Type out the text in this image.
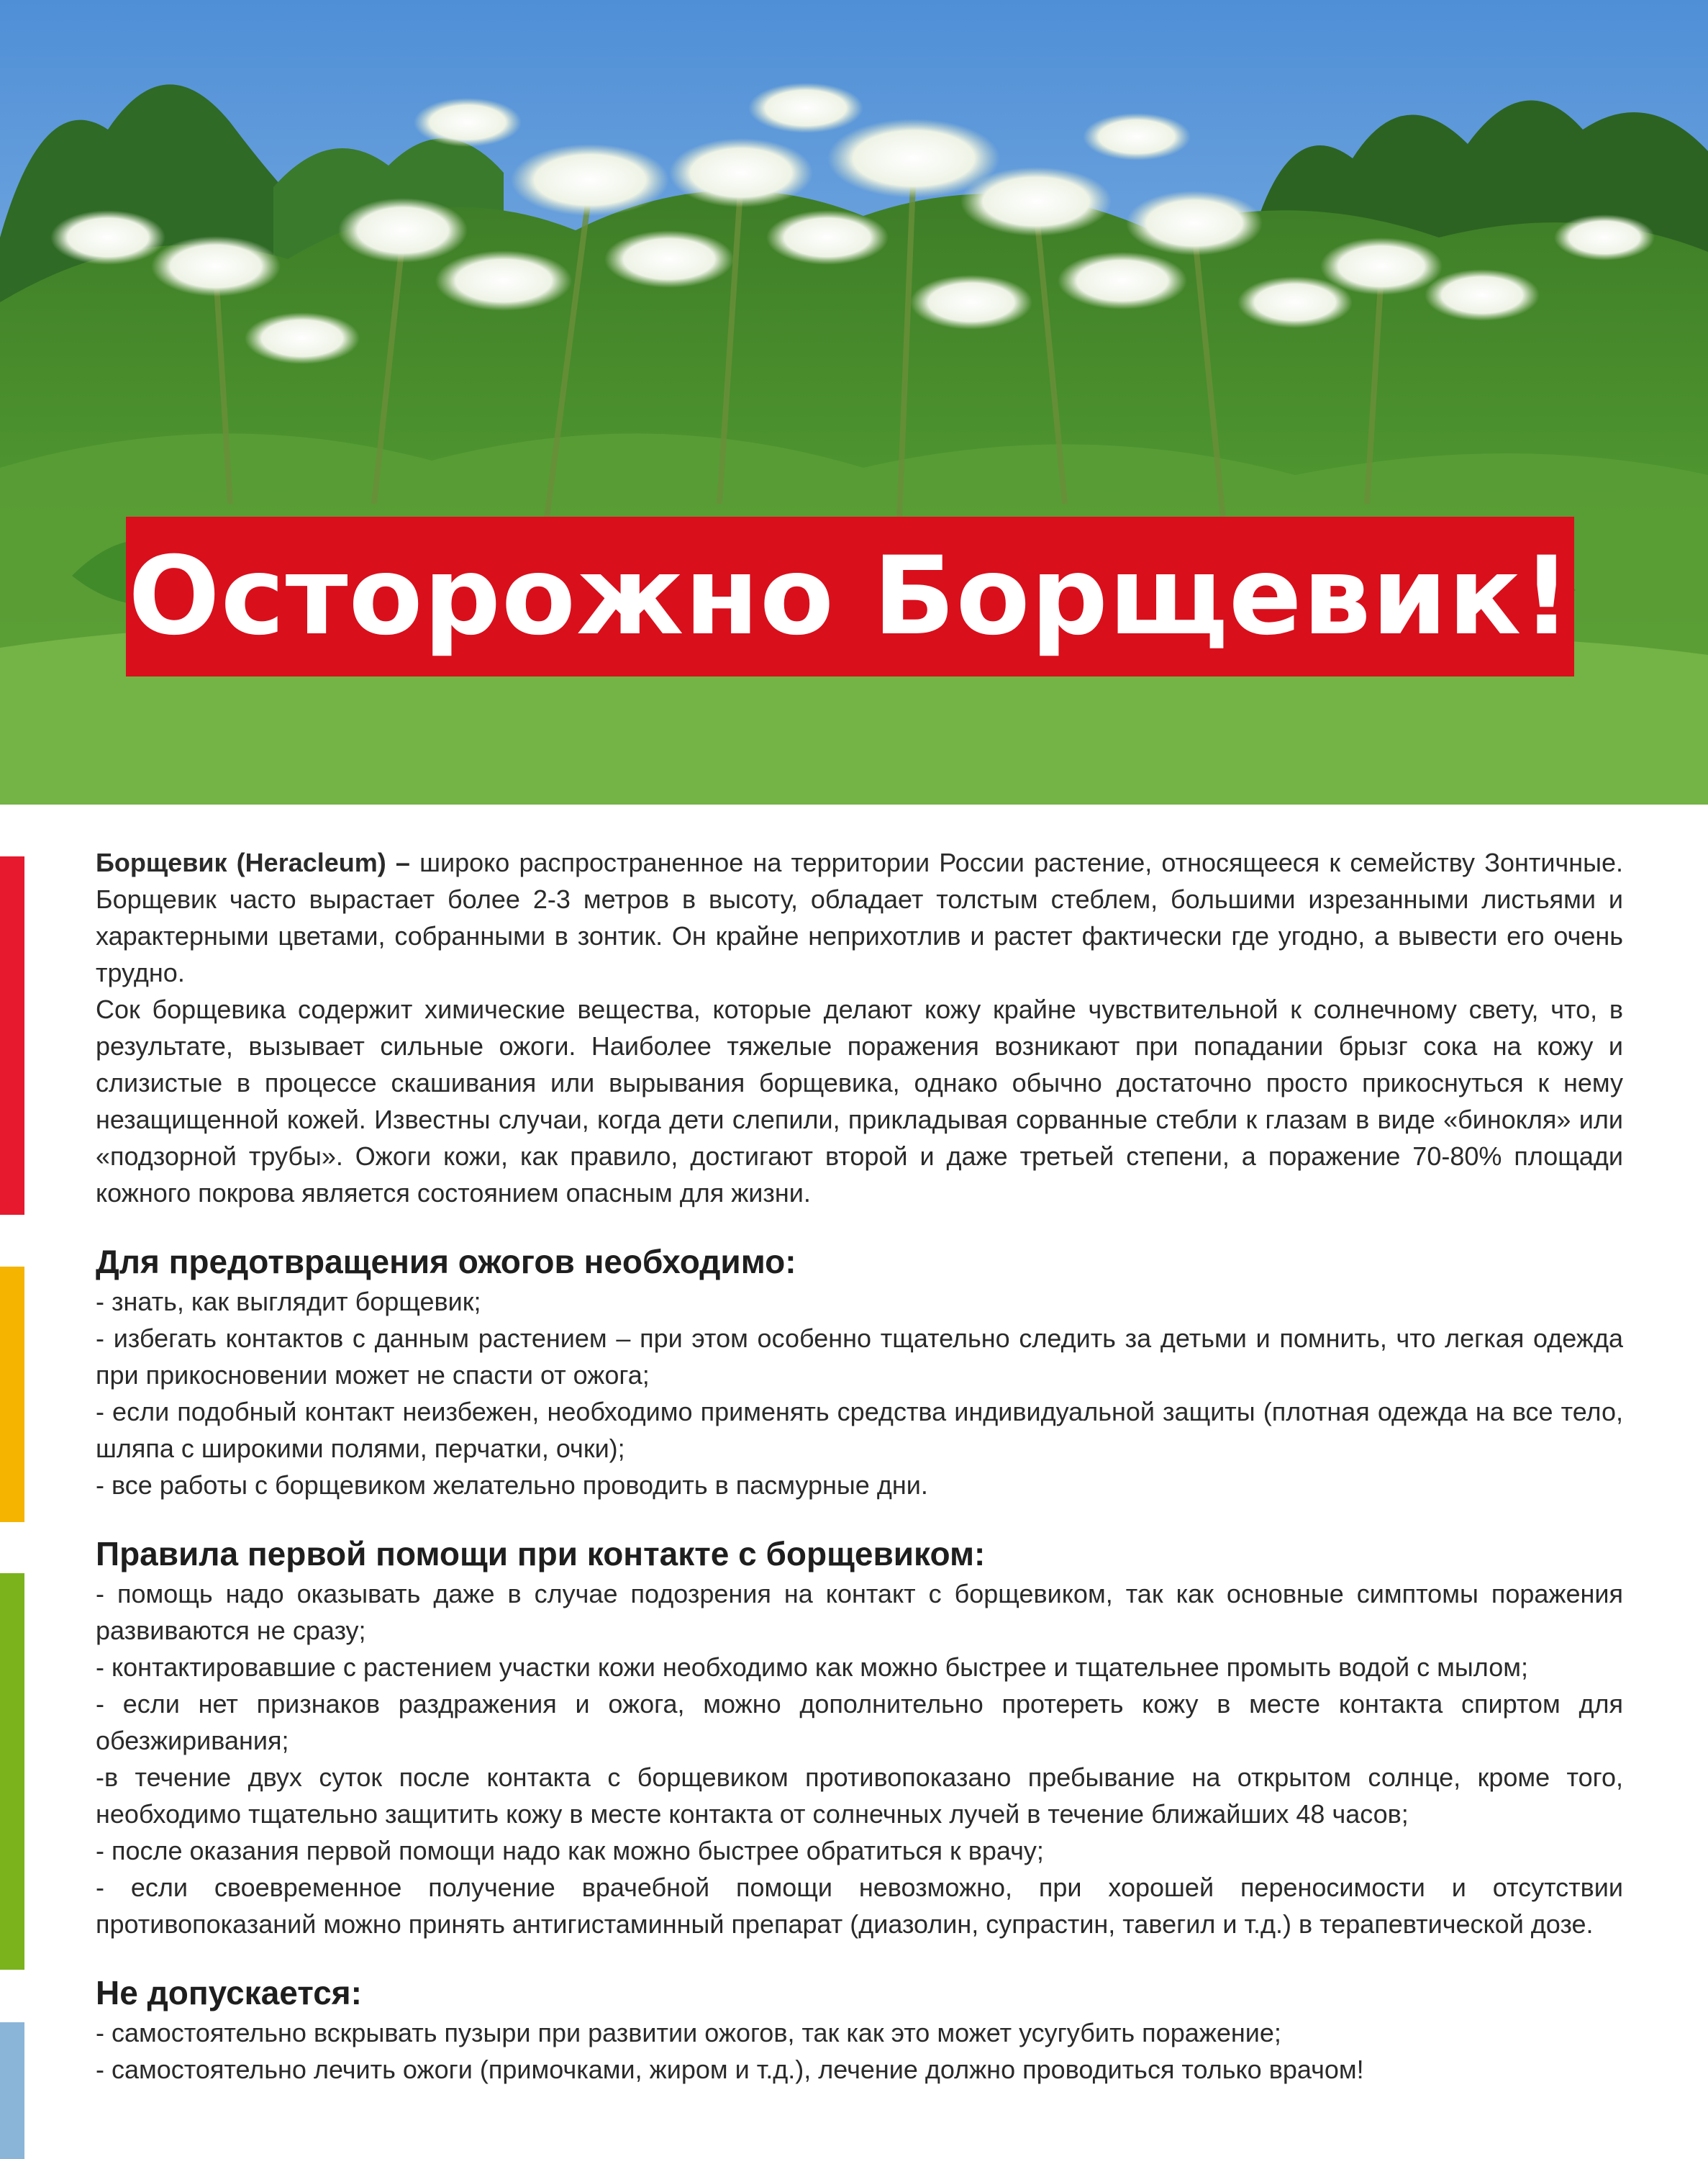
Осторожно Борщевик!

Борщевик (Heracleum) – широко распространенное на территории России растение, относящееся к семейству Зонтичные. Борщевик часто вырастает более 2-3 метров в высоту, обладает толстым стеблем, большими изрезанными листьями и характерными цветами, собранными в зонтик. Он крайне неприхотлив и растет фактически где угодно, а вывести его очень трудно.

Сок борщевика содержит химические вещества, которые делают кожу крайне чувствительной к солнечному свету, что, в результате, вызывает сильные ожоги. Наиболее тяжелые поражения возникают при попадании брызг сока на кожу и слизистые в процессе скашивания или вырывания борщевика, однако обычно достаточно просто прикоснуться к нему незащищенной кожей. Известны случаи, когда дети слепили, прикладывая сорванные стебли к глазам в виде «бинокля» или «подзорной трубы». Ожоги кожи, как правило, достигают второй и даже третьей степени, а поражение 70-80% площади кожного покрова является состоянием опасным для жизни.

Для предотвращения ожогов необходимо:

- знать, как выглядит борщевик;

- избегать контактов с данным растением – при этом особенно тщательно следить за детьми и помнить, что легкая одежда при прикосновении может не спасти от ожога;

- если подобный контакт неизбежен, необходимо применять средства индивидуальной защиты (плотная одежда на все тело, шляпа с широкими полями, перчатки, очки);

- все работы с борщевиком желательно проводить в пасмурные дни.

Правила первой помощи при контакте с борщевиком:

- помощь надо оказывать даже в случае подозрения на контакт с борщевиком, так как основные симптомы поражения развиваются не сразу;

- контактировавшие с растением участки кожи необходимо как можно быстрее и тщательнее промыть водой с мылом;

- если нет признаков раздражения и ожога, можно дополнительно протереть кожу в месте контакта спиртом для обезжиривания;

-в течение двух суток после контакта с борщевиком противопоказано пребывание на открытом солнце, кроме того, необходимо тщательно защитить кожу в месте контакта от солнечных лучей в течение ближайших 48 часов;

- после оказания первой помощи надо как можно быстрее обратиться к врачу;

- если своевременное получение врачебной помощи невозможно, при хорошей переносимости и отсутствии противопоказаний можно принять антигистаминный препарат (диазолин, супрастин, тавегил и т.д.) в терапевтической дозе.

Не допускается:

- самостоятельно вскрывать пузыри при развитии ожогов, так как это может усугубить поражение;

- самостоятельно лечить ожоги (примочками, жиром и т.д.), лечение должно проводиться только врачом!
